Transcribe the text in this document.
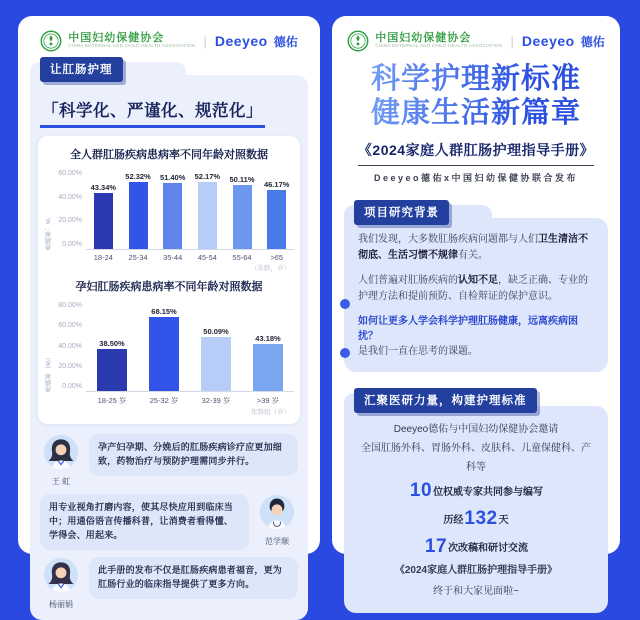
中国妇幼保健协会
CHINA MATERNAL AND CHILD HEALTH ASSOCIATION | Deeyeo 德佑
让肛肠护理
「科学化、严谨化、规范化」
全人群肛肠疾病患病率不同年龄对照数据
患病率，%
60.00%
40.00%
20.00%
0.00%
43.34%
52.32% 51.40% 52.17% 50.11%
46.17%
18-24	25-34	35-44	45-54	55-64	>65
（年龄，岁）
孕妇肛肠疾病患病率不同年龄对照数据
患病率（%）
80.00%
60.00%
40.00%
20.00%
0.00%
38.50%
68.15%
50.09%
43.18%
18-25 岁	25-32 岁	32-39 岁	>39 岁
年龄组（岁）
王 虹
孕产妇孕期、分娩后的肛肠疾病诊疗应更加细致，药物治疗与预防护理需同步并行。
范学顺
用专业视角打磨内容，使其尽快应用到临床当中；用通俗语言传播科普，让消费者看得懂、学得会、用起来。
杨丽娟
此手册的发布不仅是肛肠疾病患者福音，更为肛肠行业的临床指导提供了更多方向。
中国妇幼保健协会
CHINA MATERNAL AND CHILD HEALTH ASSOCIATION | Deeyeo 德佑
科学护理新标准
健康生活新篇章
《2024家庭人群肛肠护理指导手册》
Deeyeo德佑x中国妇幼保健协联合发布
项目研究背景

我们发现，大多数肛肠疾病问题都与人们卫生清洁不彻底、生活习惯不规律有关。

人们普遍对肛肠疾病的认知不足，缺乏正确、专业的护理方法和提前预防、自检辩证的保护意识。

如何让更多人学会科学护理肛肠健康，远离疾病困扰？
是我们一直在思考的课题。
汇聚医研力量，构建护理标准
Deeyeo德佑与中国妇幼保健协会邀请
全国肛肠外科、胃肠外科、皮肤科、儿童保健科、产科等
10位权威专家共同参与编写
历经132天
17次改稿和研讨交流
《2024家庭人群肛肠护理指导手册》
终于和大家见面啦~
